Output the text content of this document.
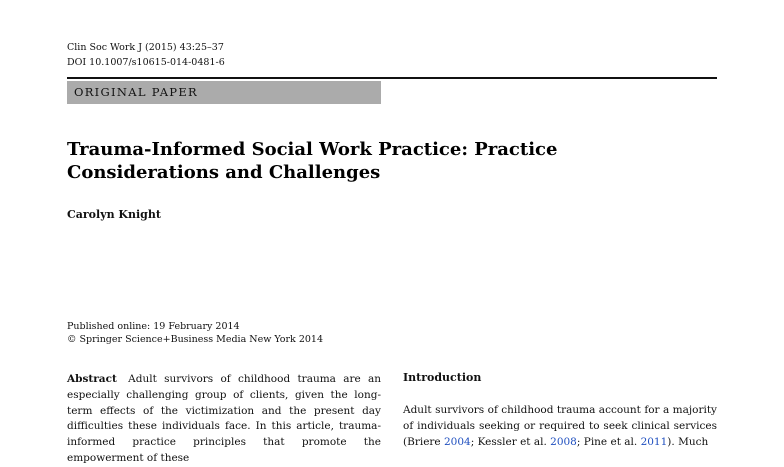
Clin Soc Work J (2015) 43:25–37
DOI 10.1007/s10615-014-0481-6
ORIGINAL PAPER
Trauma-Informed Social Work Practice: Practice Considerations and Challenges
Carolyn Knight
Published online: 19 February 2014
© Springer Science+Business Media New York 2014

Abstract Adult survivors of childhood trauma are an especially challenging group of clients, given the long-term effects of the victimization and the present day difficulties these individuals face. In this article, trauma-informed practice principles that promote the empowerment of these

Introduction

Adult survivors of childhood trauma account for a majority of individuals seeking or required to seek clinical services (Briere 2004; Kessler et al. 2008; Pine et al. 2011). Much
